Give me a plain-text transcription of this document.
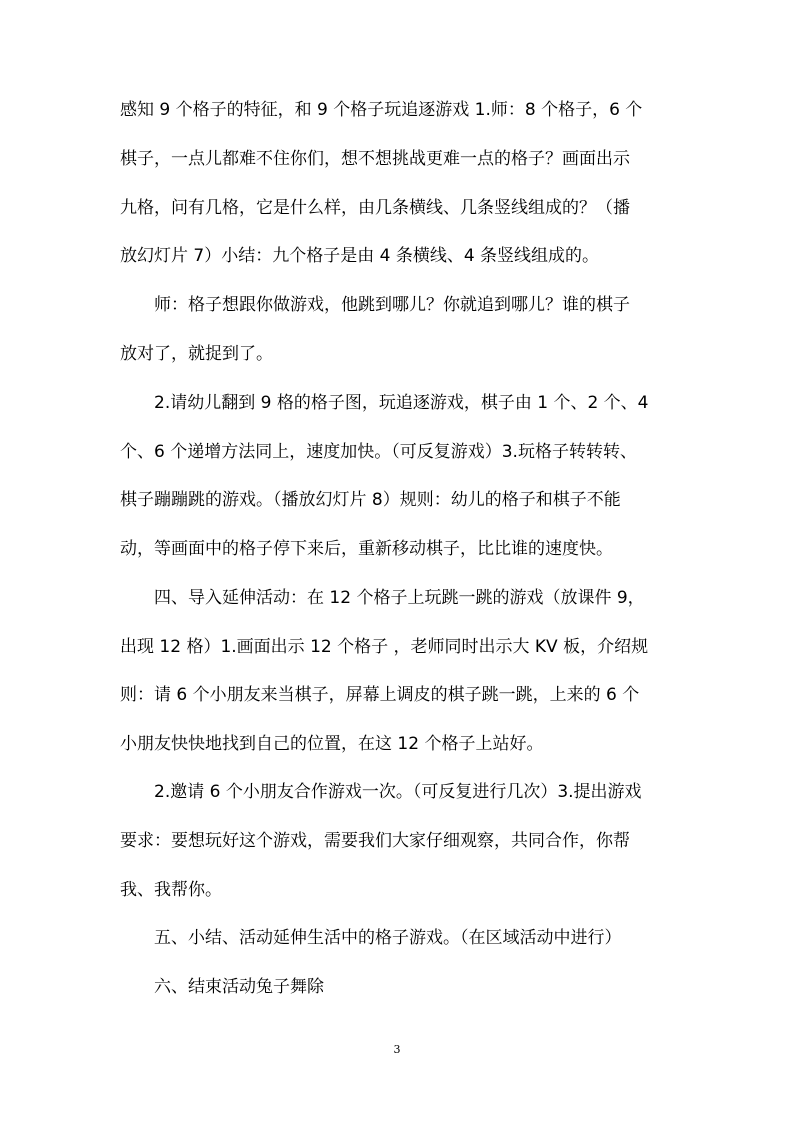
感知 9 个格子的特征，和 9 个格子玩追逐游戏 1.师：8 个格子，6 个
棋子，一点儿都难不住你们，想不想挑战更难一点的格子？画面出示
九格，问有几格，它是什么样，由几条横线、几条竖线组成的？（播
放幻灯片 7）小结：九个格子是由 4 条横线、4 条竖线组成的。
师：格子想跟你做游戏，他跳到哪儿？你就追到哪儿？谁的棋子
放对了，就捉到了。
2.请幼儿翻到 9 格的格子图，玩追逐游戏，棋子由 1 个、2 个、4
个、6 个递增方法同上，速度加快。（可反复游戏）3.玩格子转转转、
棋子蹦蹦跳的游戏。（播放幻灯片 8）规则：幼儿的格子和棋子不能
动，等画面中的格子停下来后，重新移动棋子，比比谁的速度快。
四、导入延伸活动：在 12 个格子上玩跳一跳的游戏（放课件 9，
出现 12 格）1.画面出示 12 个格子 ，老师同时出示大 KV 板，介绍规
则：请 6 个小朋友来当棋子，屏幕上调皮的棋子跳一跳，上来的 6 个
小朋友快快地找到自己的位置，在这 12 个格子上站好。
2.邀请 6 个小朋友合作游戏一次。（可反复进行几次）3.提出游戏
要求：要想玩好这个游戏，需要我们大家仔细观察，共同合作，你帮
我、我帮你。
五、小结、活动延伸生活中的格子游戏。（在区域活动中进行）
六、结束活动兔子舞除
3
